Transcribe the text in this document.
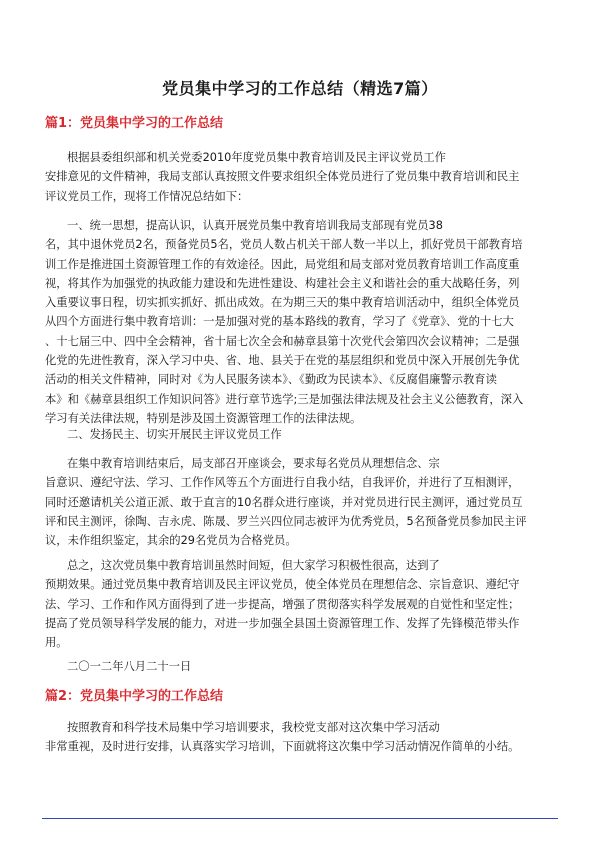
党员集中学习的工作总结（精选7篇）
篇1：党员集中学习的工作总结
根据县委组织部和机关党委2010年度党员集中教育培训及民主评议党员工作
安排意见的文件精神，我局支部认真按照文件要求组织全体党员进行了党员集中教育培训和民主
评议党员工作，现将工作情况总结如下：
一、统一思想，提高认识，认真开展党员集中教育培训我局支部现有党员38
名，其中退休党员2名，预备党员5名，党员人数占机关干部人数一半以上，抓好党员干部教育培
训工作是推进国土资源管理工作的有效途径。因此，局党组和局支部对党员教育培训工作高度重
视，将其作为加强党的执政能力建设和先进性建设、构建社会主义和谐社会的重大战略任务，列
入重要议事日程，切实抓实抓好、抓出成效。在为期三天的集中教育培训活动中，组织全体党员
从四个方面进行集中教育培训：一是加强对党的基本路线的教育，学习了《党章》、党的十七大
、十七届三中、四中全会精神，省十届七次全会和赫章县第十次党代会第四次会议精神；二是强
化党的先进性教育，深入学习中央、省、地、县关于在党的基层组织和党员中深入开展创先争优
活动的相关文件精神，同时对《为人民服务读本》、《勤政为民读本》、《反腐倡廉警示教育读
本》和《赫章县组织工作知识问答》进行章节选学;三是加强法律法规及社会主义公德教育，深入
学习有关法律法规，特别是涉及国土资源管理工作的法律法规。
二、发扬民主、切实开展民主评议党员工作
在集中教育培训结束后，局支部召开座谈会，要求每名党员从理想信念、宗
旨意识、遵纪守法、学习、工作作风等五个方面进行自我小结，自我评价，并进行了互相测评，
同时还邀请机关公道正派、敢于直言的10名群众进行座谈，并对党员进行民主测评，通过党员互
评和民主测评，徐陶、吉永虎、陈晟、罗兰兴四位同志被评为优秀党员，5名预备党员参加民主评
议，未作组织鉴定，其余的29名党员为合格党员。
总之，这次党员集中教育培训虽然时间短，但大家学习积极性很高，达到了
预期效果。通过党员集中教育培训及民主评议党员，使全体党员在理想信念、宗旨意识、遵纪守
法、学习、工作和作风方面得到了进一步提高，增强了贯彻落实科学发展观的自觉性和坚定性；
提高了党员领导科学发展的能力，对进一步加强全县国土资源管理工作、发挥了先锋模范带头作
用。
二〇一二年八月二十一日
篇2：党员集中学习的工作总结
按照教育和科学技术局集中学习培训要求，我校党支部对这次集中学习活动
非常重视，及时进行安排，认真落实学习培训，下面就将这次集中学习活动情况作简单的小结。
